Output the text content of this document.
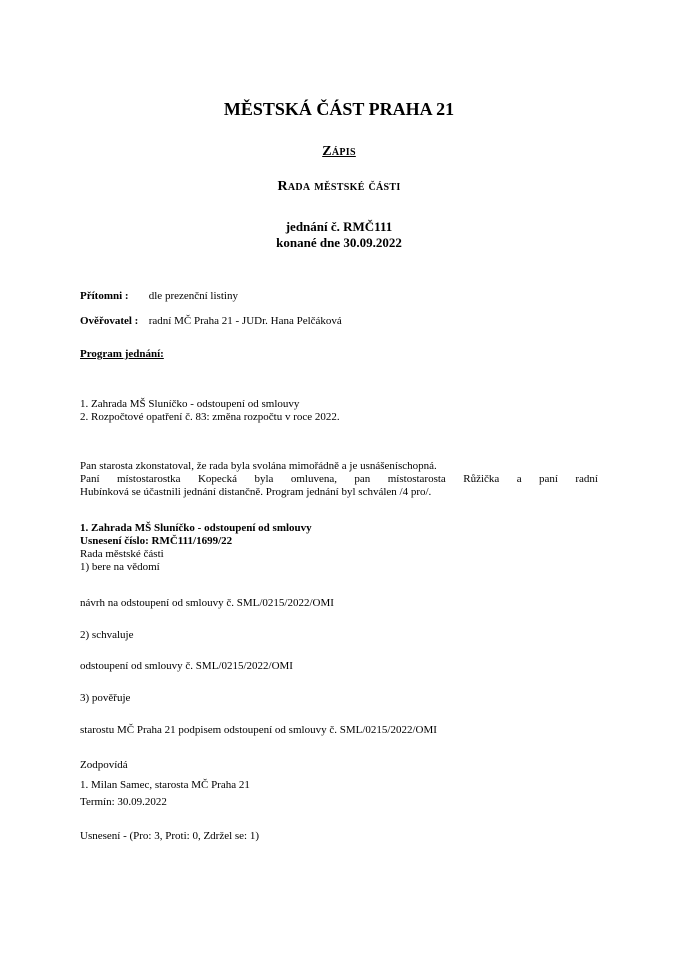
MĚSTSKÁ ČÁST PRAHA 21
Zápis
Rada městské části
jednání č. RMČ111
konané dne 30.09.2022
Přítomni : dle prezenční listiny
Ověřovatel : radní MČ Praha 21 - JUDr. Hana Pelčáková
Program jednání:
1. Zahrada MŠ Sluníčko - odstoupení od smlouvy
2. Rozpočtové opatření č. 83: změna rozpočtu v roce 2022.
Pan starosta zkonstatoval, že rada byla svolána mimořádně a je usnášeníschopná.
Paní místostarostka Kopecká byla omluvena, pan místostarosta Růžička a paní radní
Hubínková se účastnili jednání distančně. Program jednání byl schválen /4 pro/.
1. Zahrada MŠ Sluníčko - odstoupení od smlouvy
Usnesení číslo: RMČ111/1699/22
Rada městské části
1) bere na vědomí
návrh na odstoupení od smlouvy č. SML/0215/2022/OMI
2) schvaluje
odstoupení od smlouvy č. SML/0215/2022/OMI
3) pověřuje
starostu MČ Praha 21 podpisem odstoupení od smlouvy č. SML/0215/2022/OMI
Zodpovídá
1. Milan Samec, starosta MČ Praha 21
Termín: 30.09.2022
Usnesení - (Pro: 3, Proti: 0, Zdržel se: 1)
